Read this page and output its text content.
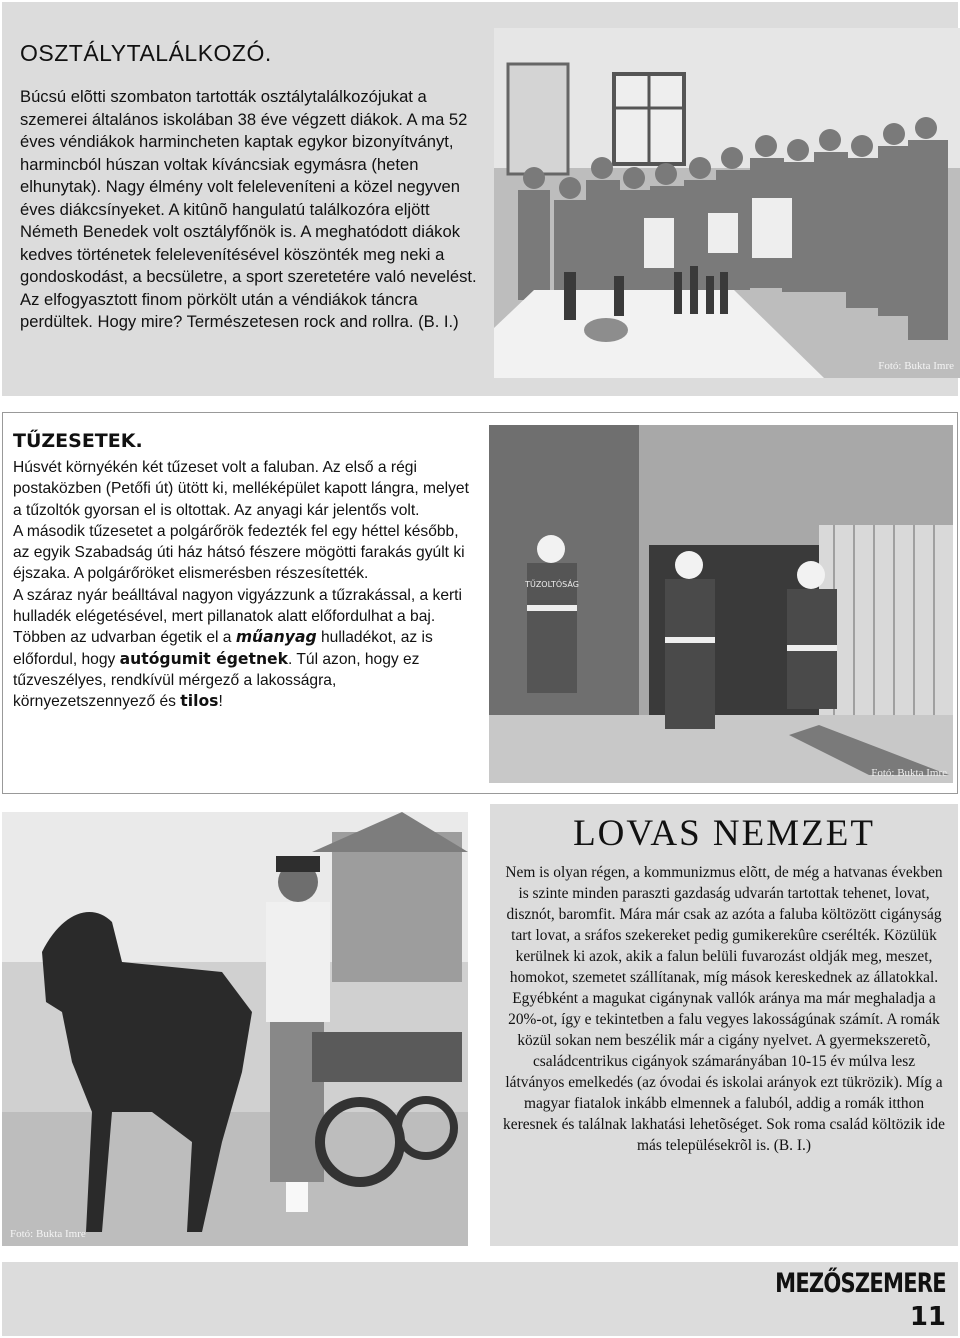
OSZTÁLYTALÁLKOZÓ.
Búcsú elõtti szombaton tartották osztálytalálkozójukat a szemerei általános iskolában 38 éve végzett diákok. A ma 52 éves véndiákok harmincheten kaptak egykor bizonyítványt, harmincból húszan voltak kíváncsiak egymásra (heten elhunytak). Nagy élmény volt feleleveníteni a közel negyven éves diákcsínyeket. A kitûnõ hangulatú találkozóra eljött Németh Benedek volt osztályfőnök is. A meghatódott diákok kedves történetek felelevenítésével köszönték meg neki a gondoskodást, a becsületre, a sport szeretetére való nevelést. Az elfogyasztott finom pörkölt után a véndiákok táncra perdültek. Hogy mire? Természetesen rock and rollra. (B. I.)
Fotó: Bukta Imre
TŰZESETEK.
Húsvét környékén két tűzeset volt a faluban. Az első a régi postaközben (Petőfi út) ütött ki, melléképület kapott lángra, melyet a tűzoltók gyorsan el is oltottak. Az anyagi kár jelentős volt.
A második tűzesetet a polgárőrök fedezték fel egy héttel később, az egyik Szabadság úti ház hátsó fészere mögötti farakás gyúlt ki éjszaka. A polgárőröket elismerésben részesítették.
A száraz nyár beálltával nagyon vigyázzunk a tűzrakással, a kerti hulladék elégetésével, mert pillanatok alatt előfordulhat a baj.
Többen az udvarban égetik el a műanyag hulladékot, az is előfordul, hogy autógumit égetnek. Túl azon, hogy ez tűzveszélyes, rendkívül mérgező a lakosságra, környezetszennyező és tilos!
TŰZOLTÓSÁG
Fotó: Bukta Imre
Fotó: Bukta Imre
LOVAS NEMZET
Nem is olyan régen, a kommunizmus elõtt, de még a hatvanas években is szinte minden paraszti gazdaság udvarán tartottak tehenet, lovat, disznót, baromfit. Mára már csak az azóta a faluba költözött cigányság tart lovat, a sráfos szekereket pedig gumikerekûre cserélték. Közülük kerülnek ki azok, akik a falun belüli fuvarozást oldják meg, meszet, homokot, szemetet szállítanak, míg mások kereskednek az állatokkal. Egyébként a magukat cigánynak vallók aránya ma már meghaladja a 20%-ot, így e tekintetben a falu vegyes lakosságúnak számít. A romák közül sokan nem beszélik már a cigány nyelvet. A gyermekszeretõ, családcentrikus cigányok számarányában 10-15 év múlva lesz látványos emelkedés (az óvodai és iskolai arányok ezt tükrözik). Míg a magyar fiatalok inkább elmennek a faluból, addig a romák itthon keresnek és találnak lakhatási lehetõséget. Sok roma család költözik ide más településekrõl is. (B. I.)
MEZŐSZEMERE
11
